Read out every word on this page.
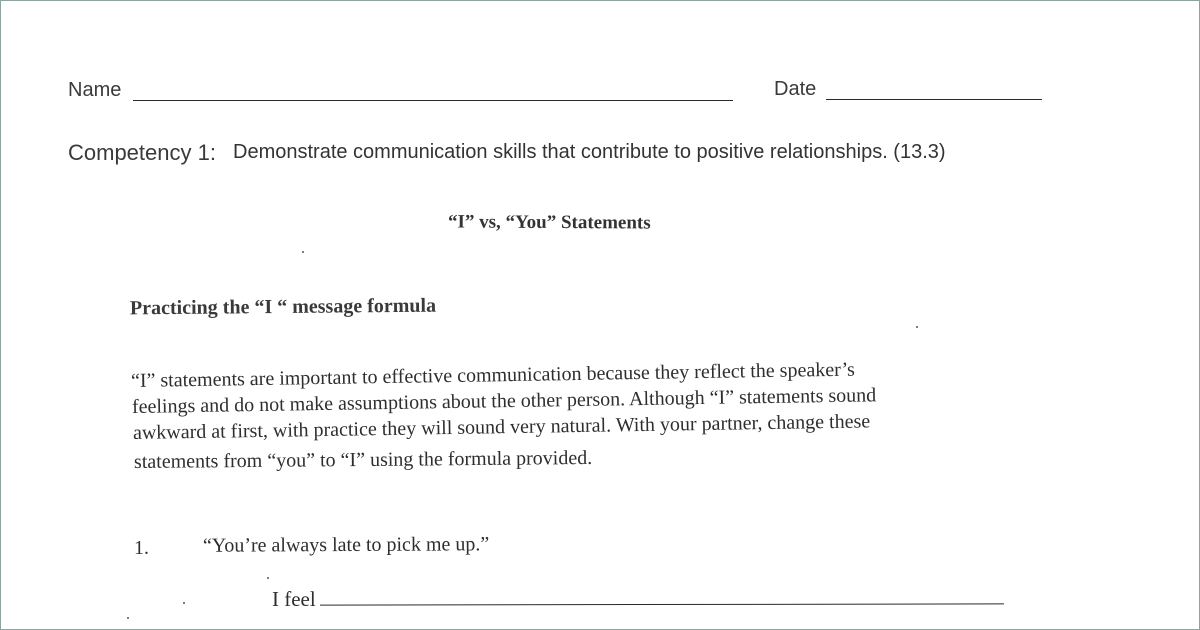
Name	Date
Competency 1: Demonstrate communication skills that contribute to positive relationships. (13.3)
“I” vs, “You” Statements
Practicing the “I “ message formula
“I” statements are important to effective communication because they reflect the speaker’s
feelings and do not make assumptions about the other person. Although “I” statements sound
awkward at first, with practice they will sound very natural. With your partner, change these
statements from “you” to “I” using the formula provided.
1.	“You’re always late to pick me up.”
I feel
